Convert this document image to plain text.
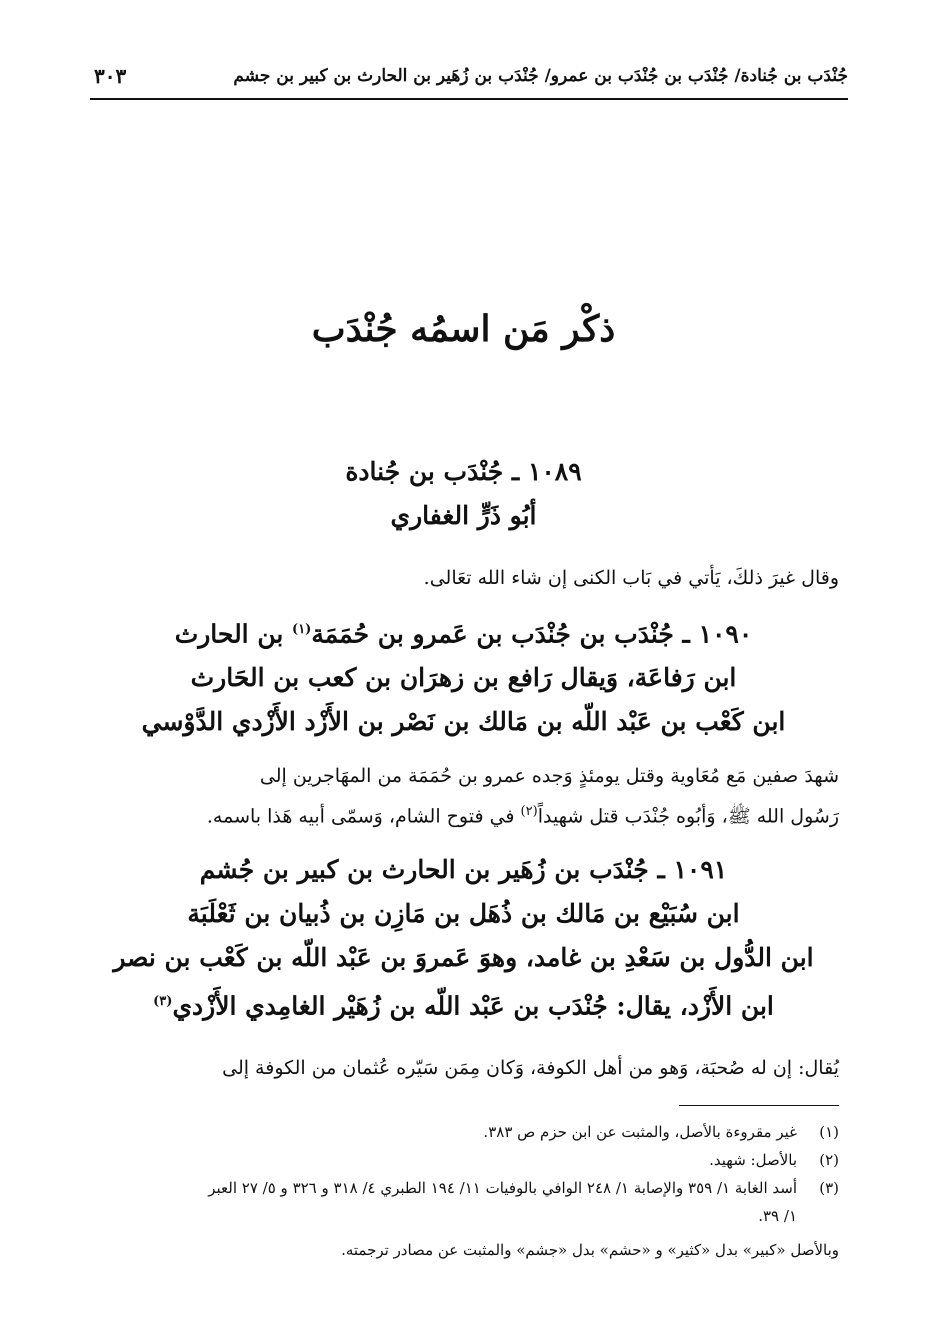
جُنْدَب بن جُنادة/ جُنْدَب بن جُنْدَب بن عمرو/ جُنْدَب بن زُهَير بن الحارث بن كبير بن جشم
٣٠٣
ذكْر مَن اسمُه جُنْدَب
١٠٨٩ ـ جُنْدَب بن جُنادة
أبُو ذَرٍّ الغفاري
وقال غيرَ ذلكَ، يَأتي في بَاب الكنى إن شاء الله تعَالى.
١٠٩٠ ـ جُنْدَب بن جُنْدَب بن عَمرو بن حُمَمَة$^{(١)}$ بن الحارث
ابن رَفاعَة، وَيقال رَافع بن زهرَان بن كعب بن الحَارث
ابن كَعْب بن عَبْد اللّه بن مَالك بن نَصْر بن الأَزْد الأَزْدي الدَّوْسي
شهدَ صفين مَع مُعَاوية وقتل يومئذٍ وَجده عمرو بن حُمَمَة من المهَاجرين إلى
رَسُول الله ﷺ، وَأبُوه جُنْدَب قتل شهيداً$^{(٢)}$ في فتوح الشام، وَسمّى أبيه هَذا باسمه.
١٠٩١ ـ جُنْدَب بن زُهَير بن الحارث بن كبير بن جُشم
ابن سُبَيْع بن مَالك بن ذُهَل بن مَازِن بن ذُبيان بن ثَعْلَبَة
ابن الدُّول بن سَعْدِ بن غامد، وهوَ عَمروَ بن عَبْد اللّه بن كَعْب بن نصر
ابن الأَزْد، يقال: جُنْدَب بن عَبْد اللّه بن زُهَيْر الغامِدي الأَزْدي$^{(٣)}$
يُقال: إن له صُحبَة، وَهو من أهل الكوفة، وَكان مِمَن سَيّره عُثمان من الكوفة إلى
(١)
غير مقروءة بالأصل، والمثبت عن ابن حزم ص ٣٨٣.
(٢)
بالأصل: شهيد.
(٣)
أسد الغابة ١/ ٣٥٩ والإصابة ١/ ٢٤٨ الوافي بالوفيات ١١/ ١٩٤ الطبري ٤/ ٣١٨ و ٣٢٦ و ٥/ ٢٧ العبر
١/ ٣٩.
وبالأصل «كبير» بدل «كثير» و «حشم» بدل «جشم» والمثبت عن مصادر ترجمته.
